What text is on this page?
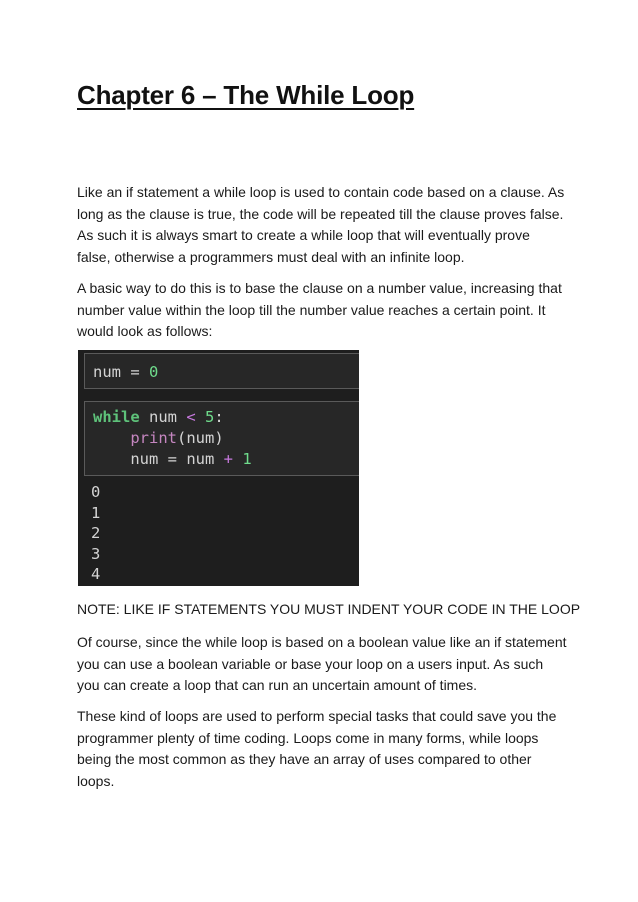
Chapter 6 – The While Loop

Like an if statement a while loop is used to contain code based on a clause. As long as the clause is true, the code will be repeated till the clause proves false. As such it is always smart to create a while loop that will eventually prove false, otherwise a programmers must deal with an infinite loop.

A basic way to do this is to base the clause on a number value, increasing that number value within the loop till the number value reaches a certain point. It would look as follows:

num = 0
while num < 5:
print(num)
num = num + 1
0
1
2
3
4

NOTE: LIKE IF STATEMENTS YOU MUST INDENT YOUR CODE IN THE LOOP

Of course, since the while loop is based on a boolean value like an if statement you can use a boolean variable or base your loop on a users input. As such you can create a loop that can run an uncertain amount of times.

These kind of loops are used to perform special tasks that could save you the programmer plenty of time coding. Loops come in many forms, while loops being the most common as they have an array of uses compared to other loops.
